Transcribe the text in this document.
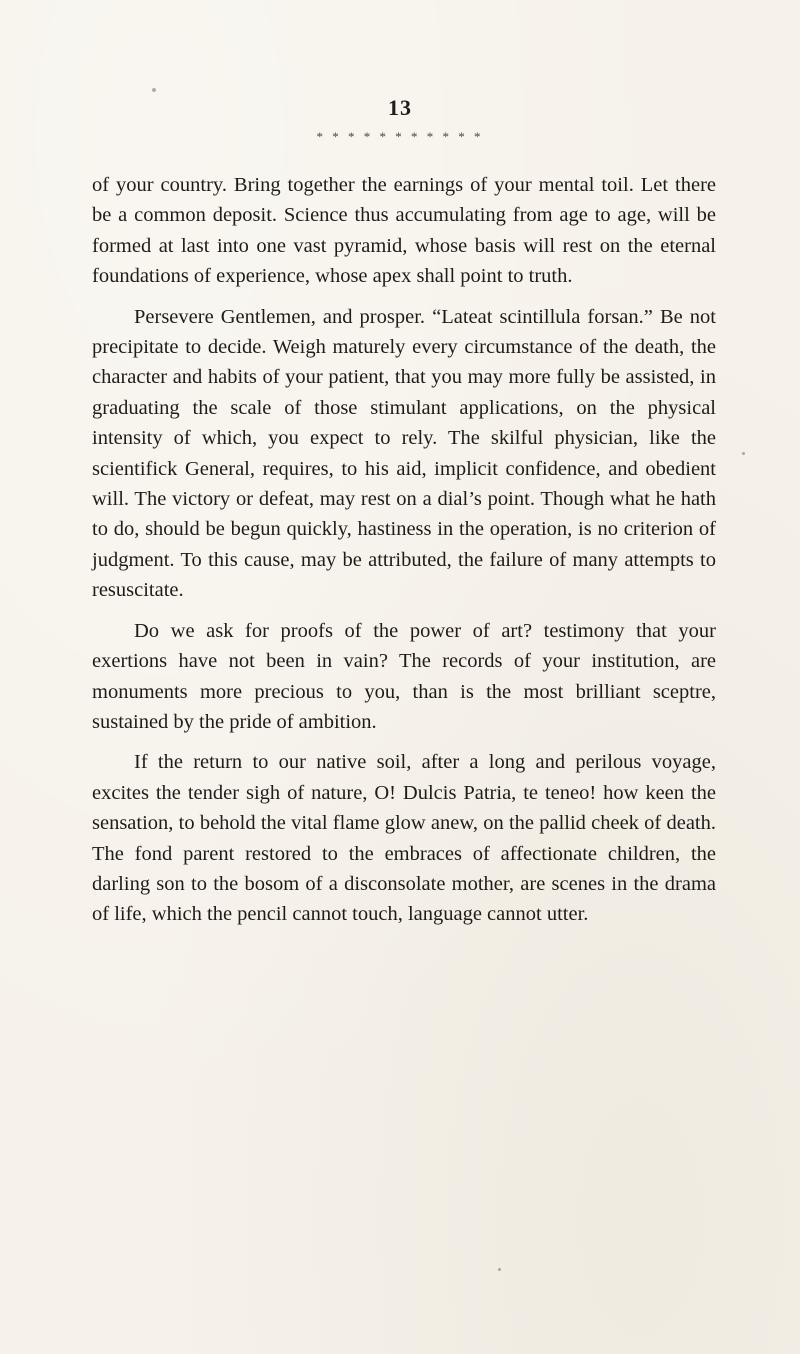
13
* * * * * * * * * * *

of your country. Bring together the earnings of your mental toil. Let there be a common deposit. Science thus accumulating from age to age, will be formed at last into one vast pyramid, whose basis will rest on the eternal foundations of experience, whose apex shall point to truth.

Persevere Gentlemen, and prosper. “Lateat scintillula forsan.” Be not precipitate to decide. Weigh maturely every circumstance of the death, the character and habits of your patient, that you may more fully be assisted, in graduating the scale of those stimulant applications, on the physical intensity of which, you expect to rely. The skilful physician, like the scientifick General, requires, to his aid, implicit confidence, and obedient will. The victory or defeat, may rest on a dial’s point. Though what he hath to do, should be begun quickly, hastiness in the operation, is no criterion of judgment. To this cause, may be attributed, the failure of many attempts to resuscitate.

Do we ask for proofs of the power of art? testimony that your exertions have not been in vain? The records of your institution, are monuments more precious to you, than is the most brilliant sceptre, sustained by the pride of ambition.

If the return to our native soil, after a long and perilous voyage, excites the tender sigh of nature, O! Dulcis Patria, te teneo! how keen the sensation, to behold the vital flame glow anew, on the pallid cheek of death. The fond parent restored to the embraces of affectionate children, the darling son to the bosom of a disconsolate mother, are scenes in the drama of life, which the pencil cannot touch, language cannot utter.
